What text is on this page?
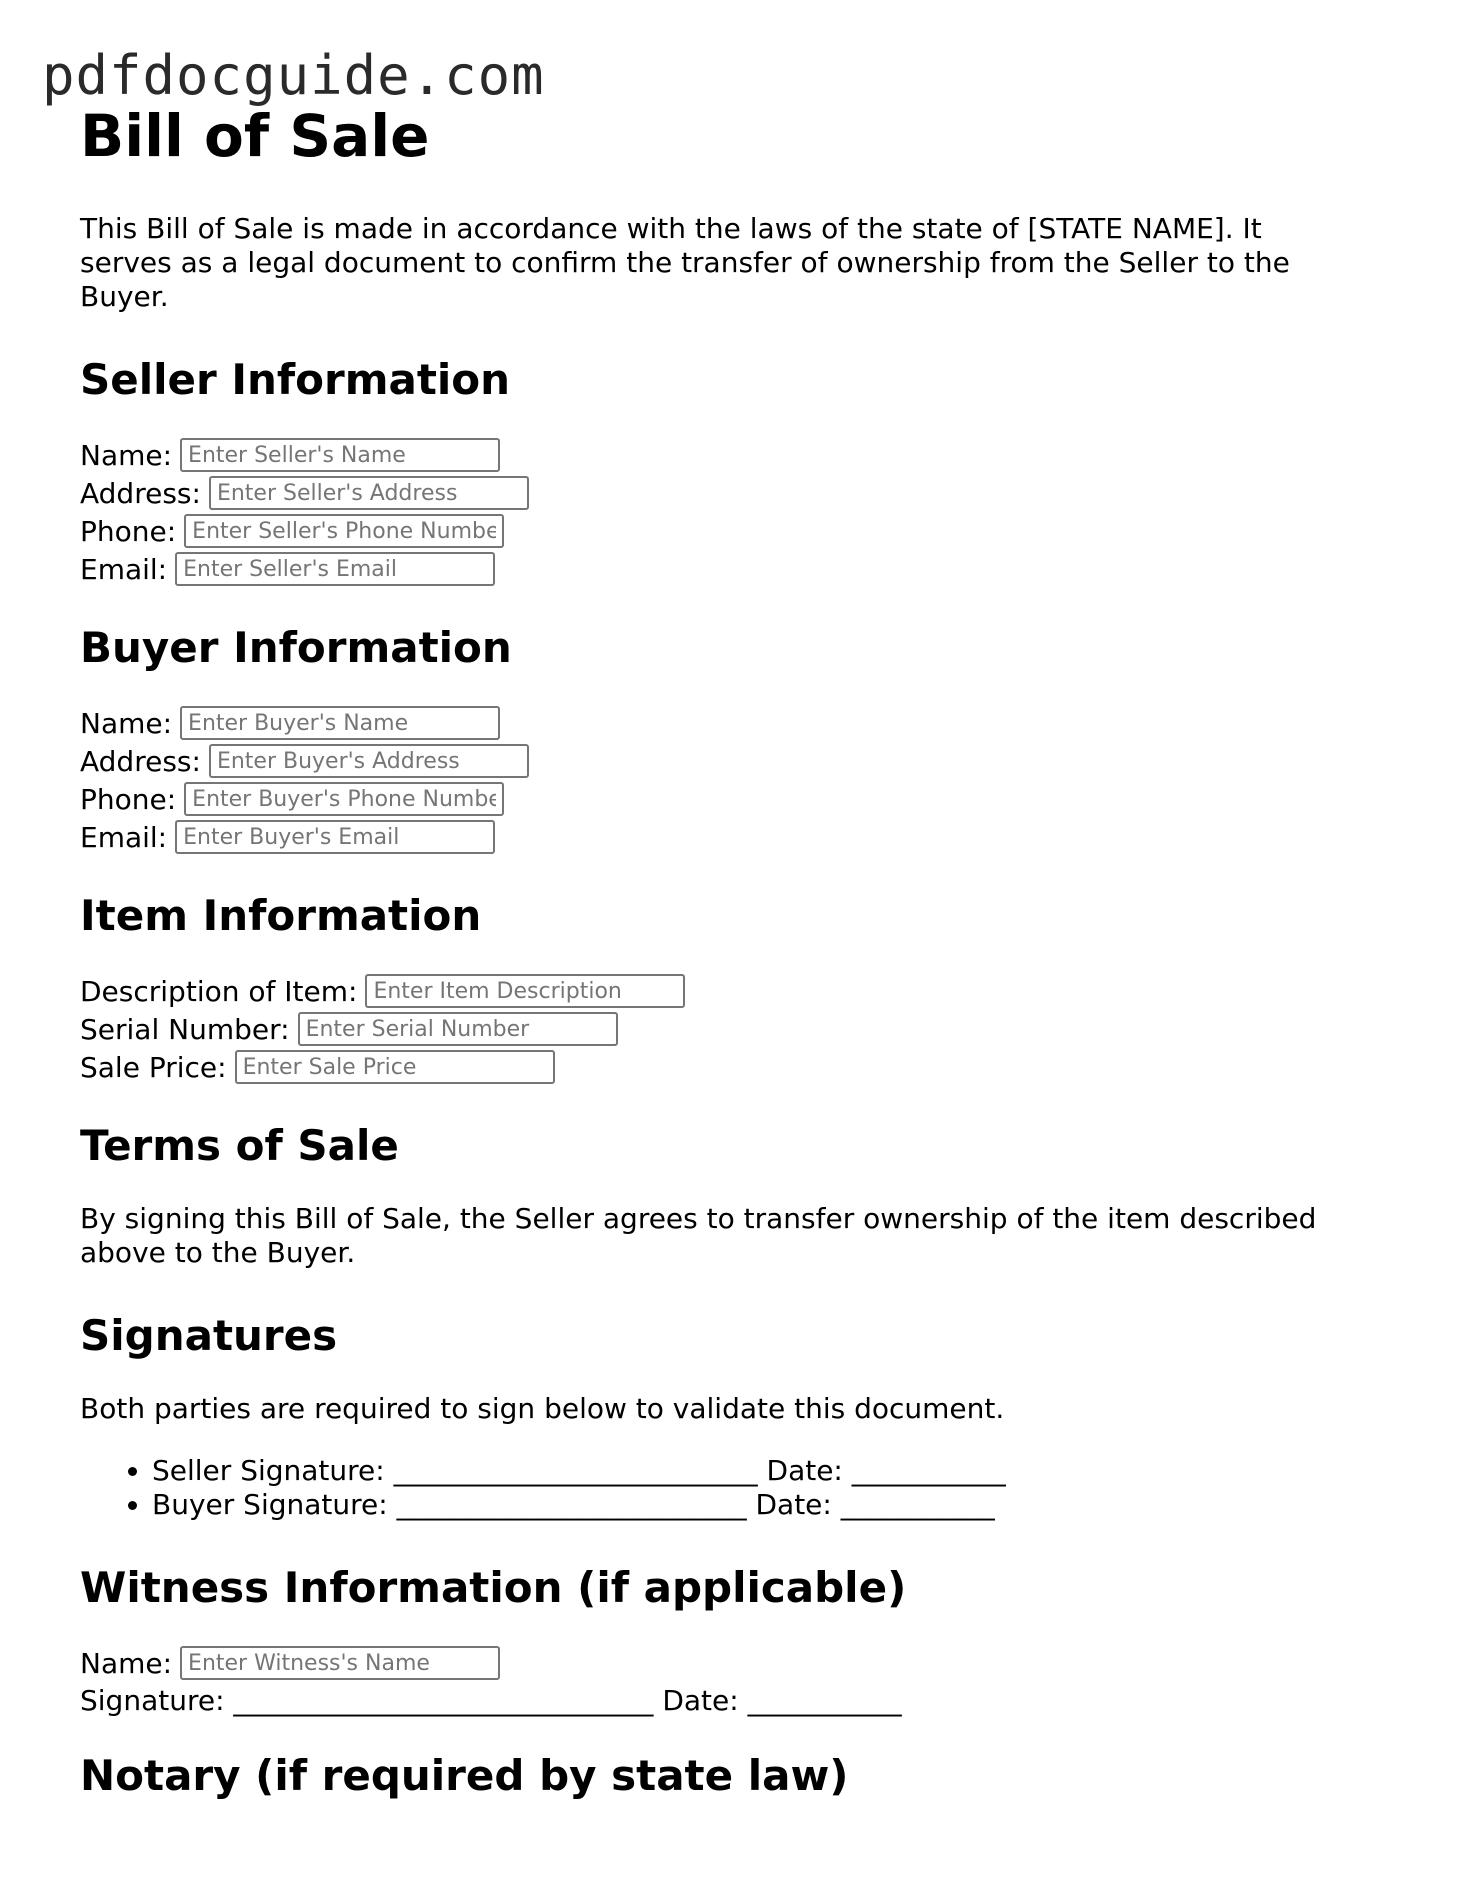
pdfdocguide.com
Bill of Sale

This Bill of Sale is made in accordance with the laws of the state of [STATE NAME]. It serves as a legal document to confirm the transfer of ownership from the Seller to the Buyer.

Seller Information
Name:
Enter Seller's Name
Address:
Enter Seller's Address
Phone:
Enter Seller's Phone Number
Email:
Enter Seller's Email
Buyer Information
Name:
Enter Buyer's Name
Address:
Enter Buyer's Address
Phone:
Enter Buyer's Phone Number
Email:
Enter Buyer's Email
Item Information
Description of Item:
Enter Item Description
Serial Number:
Enter Serial Number
Sale Price:
Enter Sale Price
Terms of Sale

By signing this Bill of Sale, the Seller agrees to transfer ownership of the item described above to the Buyer.

Signatures

Both parties are required to sign below to validate this document.

• Seller Signature: __________________________ Date: ___________
• Buyer Signature: _________________________ Date: ___________
Witness Information (if applicable)
Name:
Enter Witness's Name
Signature: ______________________________ Date: ___________
Notary (if required by state law)
